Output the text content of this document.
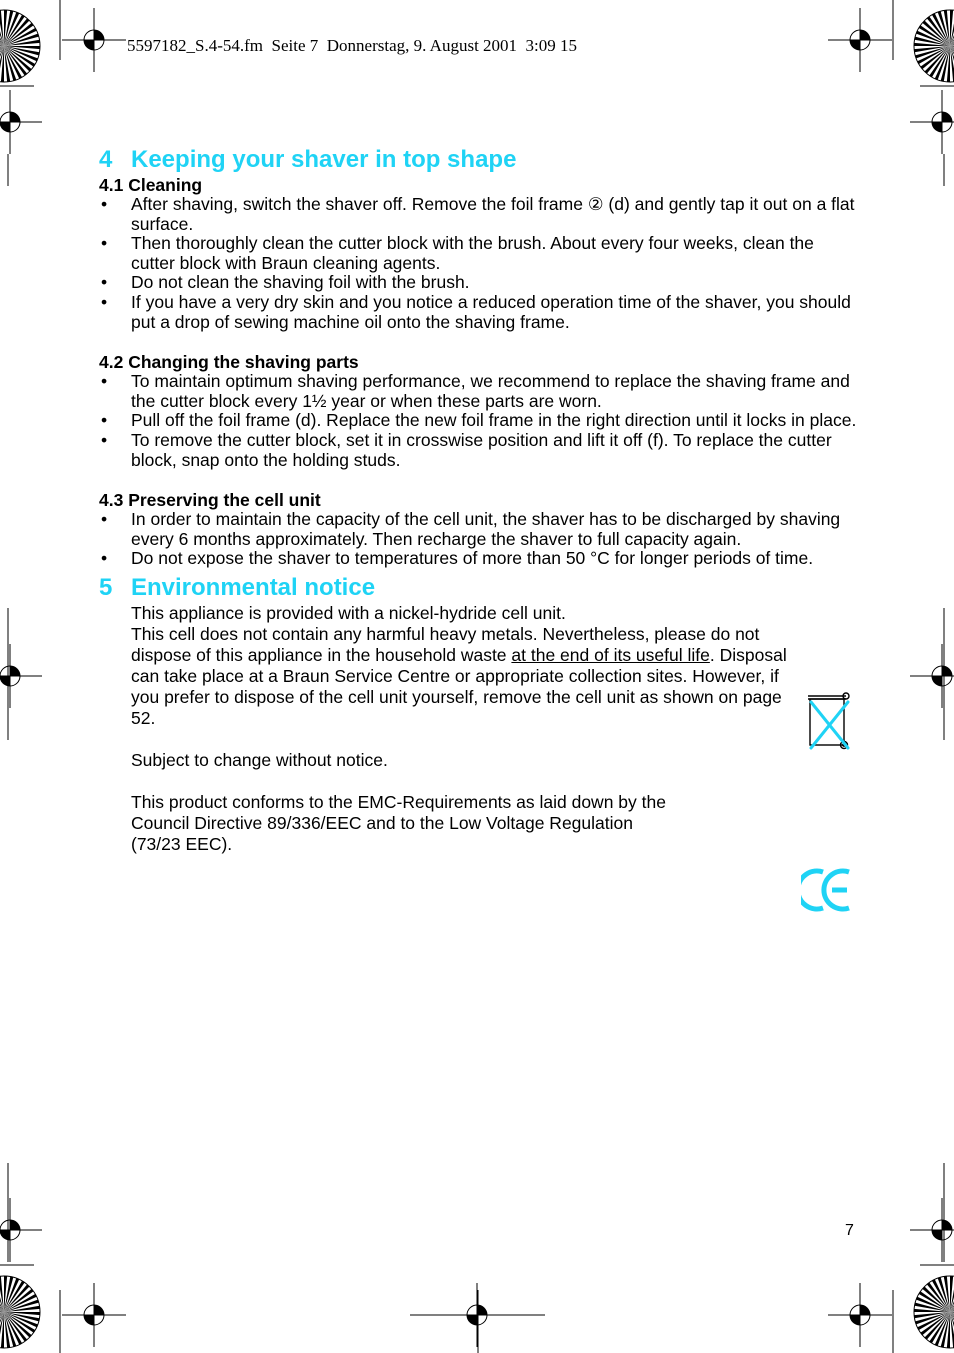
5597182_S.4-54.fm  Seite 7  Donnerstag, 9. August 2001  3:09 15
4 Keeping your shaver in top shape
4.1 Cleaning
• After shaving, switch the shaver off. Remove the foil frame ② (d) and gently tap it out on a flat surface.
• Then thoroughly clean the cutter block with the brush. About every four weeks, clean the cutter block with Braun cleaning agents.
• Do not clean the shaving foil with the brush.
• If you have a very dry skin and you notice a reduced operation time of the shaver, you should put a drop of sewing machine oil onto the shaving frame.
4.2 Changing the shaving parts
• To maintain optimum shaving performance, we recommend to replace the shaving frame and the cutter block every 1½ year or when these parts are worn.
• Pull off the foil frame (d). Replace the new foil frame in the right direction until it locks in place.
• To remove the cutter block, set it in crosswise position and lift it off (f). To replace the cutter block, snap onto the holding studs.
4.3 Preserving the cell unit
• In order to maintain the capacity of the cell unit, the shaver has to be discharged by shaving every 6 months approximately. Then recharge the shaver to full capacity again.
• Do not expose the shaver to temperatures of more than 50 °C for longer periods of time.
5 Environmental notice

This appliance is provided with a nickel-hydride cell unit.

This cell does not contain any harmful heavy metals. Nevertheless, please do not dispose of this appliance in the household waste at the end of its useful life. Disposal can take place at a Braun Service Centre or appropriate collection sites. However, if you prefer to dispose of the cell unit yourself, remove the cell unit as shown on page 52.

Subject to change without notice.

This product conforms to the EMC-Requirements as laid down by the

Council Directive 89/336/EEC and to the Low Voltage Regulation

(73/23 EEC).

7
